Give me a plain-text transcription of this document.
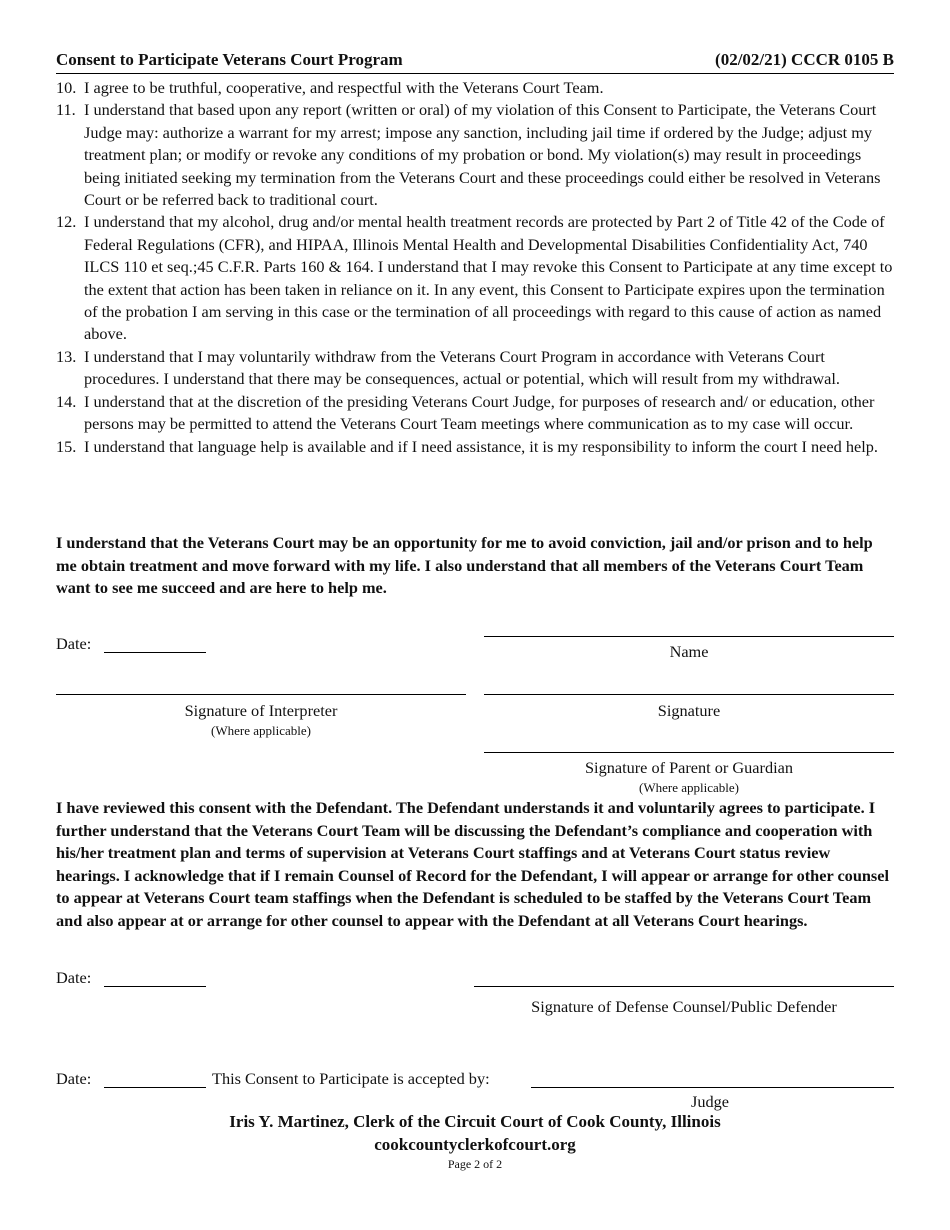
Consent to Participate Veterans Court Program	(02/02/21) CCCR 0105 B
10. I agree to be truthful, cooperative, and respectful with the Veterans Court Team.
11. I understand that based upon any report (written or oral) of my violation of this Consent to Participate, the Veterans Court Judge may: authorize a warrant for my arrest; impose any sanction, including jail time if ordered by the Judge; adjust my treatment plan; or modify or revoke any conditions of my probation or bond. My violation(s) may result in proceedings being initiated seeking my termination from the Veterans Court and these proceedings could either be resolved in Veterans Court or be referred back to traditional court.
12. I understand that my alcohol, drug and/or mental health treatment records are protected by Part 2 of Title 42 of the Code of Federal Regulations (CFR), and HIPAA, Illinois Mental Health and Developmental Disabilities Confidentiality Act, 740 ILCS 110 et seq.;45 C.F.R. Parts 160 & 164. I understand that I may revoke this Consent to Participate at any time except to the extent that action has been taken in reliance on it. In any event, this Consent to Participate expires upon the termination of the probation I am serving in this case or the termination of all proceedings with regard to this cause of action as named above.
13. I understand that I may voluntarily withdraw from the Veterans Court Program in accordance with Veterans Court procedures. I understand that there may be consequences, actual or potential, which will result from my withdrawal.
14. I understand that at the discretion of the presiding Veterans Court Judge, for purposes of research and/ or education, other persons may be permitted to attend the Veterans Court Team meetings where communication as to my case will occur.
15. I understand that language help is available and if I need assistance, it is my responsibility to inform the court I need help.
I understand that the Veterans Court may be an opportunity for me to avoid conviction, jail and/or prison and to help me obtain treatment and move forward with my life. I also understand that all members of the Veterans Court Team want to see me succeed and are here to help me.
Date:	Name
Signature of Interpreter
(Where applicable)
Signature
Signature of Parent or Guardian
(Where applicable)
I have reviewed this consent with the Defendant. The Defendant understands it and voluntarily agrees to participate. I further understand that the Veterans Court Team will be discussing the Defendant’s compliance and cooperation with his/her treatment plan and terms of supervision at Veterans Court staffings and at Veterans Court status review hearings. I acknowledge that if I remain Counsel of Record for the Defendant, I will appear or arrange for other counsel to appear at Veterans Court team staffings when the Defendant is scheduled to be staffed by the Veterans Court Team and also appear at or arrange for other counsel to appear with the Defendant at all Veterans Court hearings.
Date:
Signature of Defense Counsel/Public Defender
Date:	This Consent to Participate is accepted by:
Judge
Iris Y. Martinez, Clerk of the Circuit Court of Cook County, Illinois
cookcountyclerkofcourt.org
Page 2 of 2
